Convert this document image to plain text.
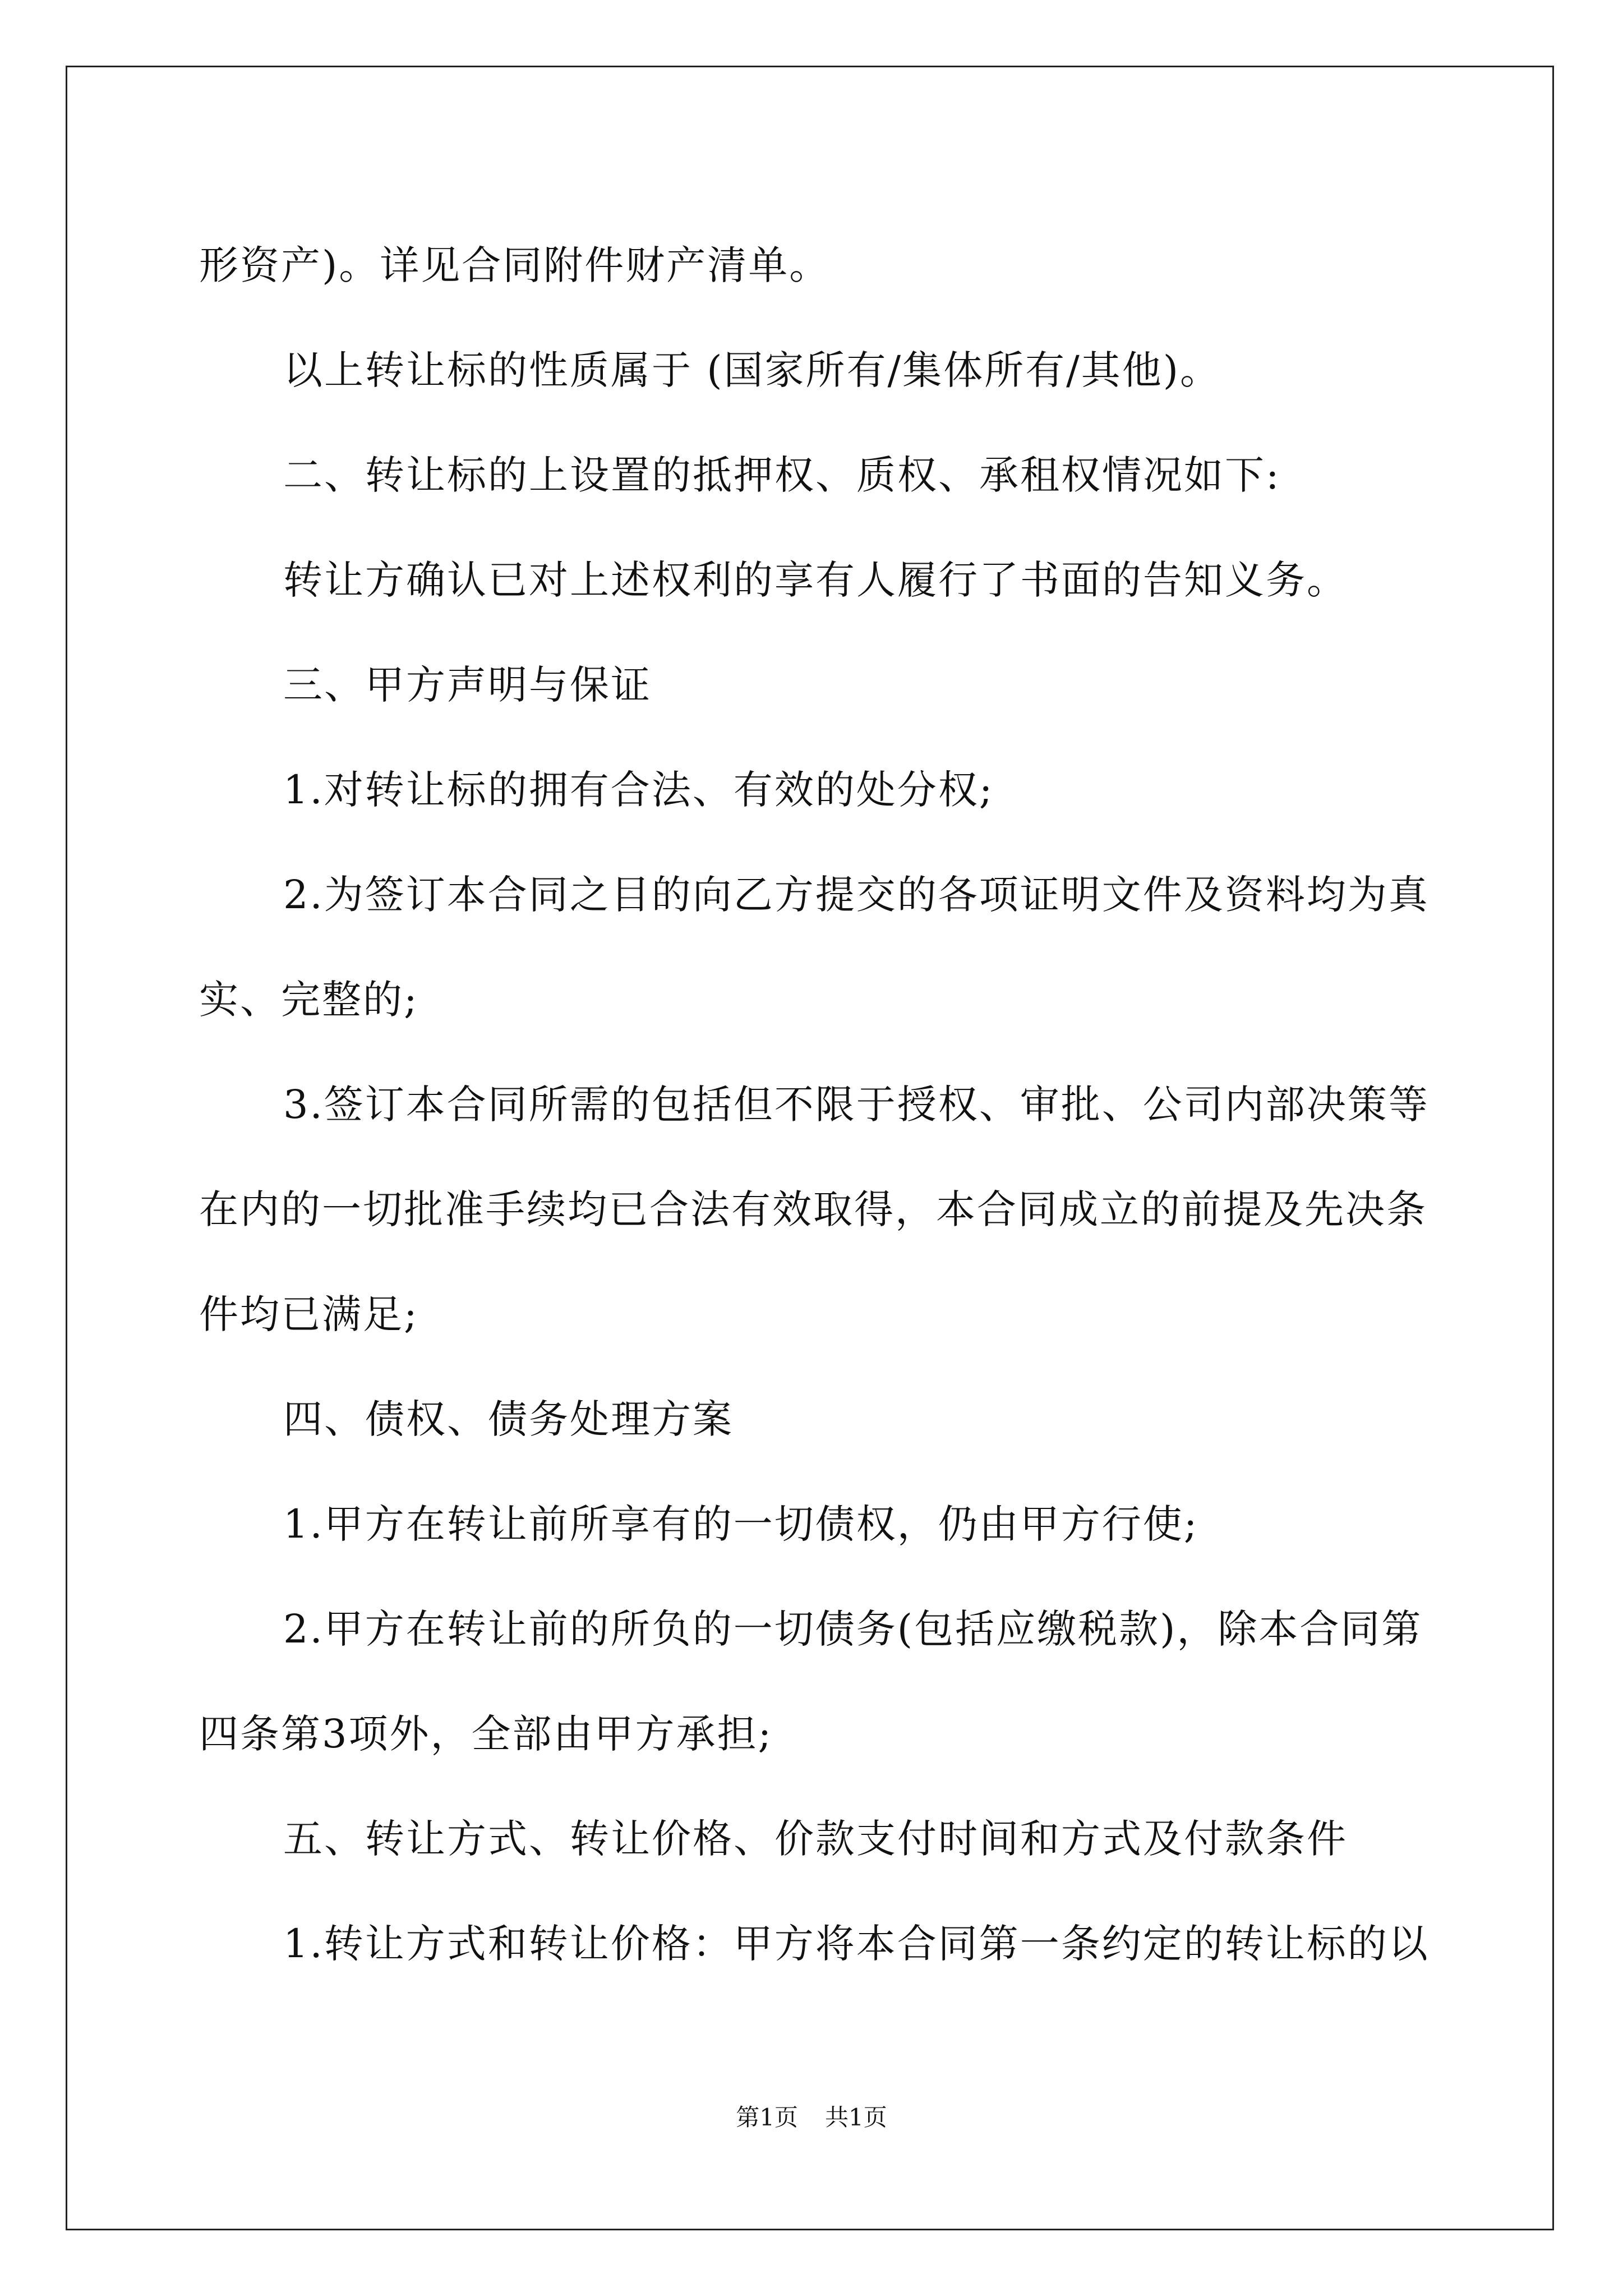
形资产)。详见合同附件财产清单。
以上转让标的性质属于 (国家所有/集体所有/其他)。
二、转让标的上设置的抵押权、质权、承租权情况如下:
转让方确认已对上述权利的享有人履行了书面的告知义务。
三、甲方声明与保证
1.对转让标的拥有合法、有效的处分权;
2.为签订本合同之目的向乙方提交的各项证明文件及资料均为真
实、完整的;
3.签订本合同所需的包括但不限于授权、审批、公司内部决策等
在内的一切批准手续均已合法有效取得，本合同成立的前提及先决条
件均已满足;
四、债权、债务处理方案
1.甲方在转让前所享有的一切债权，仍由甲方行使;
2.甲方在转让前的所负的一切债务(包括应缴税款)，除本合同第
四条第3项外，全部由甲方承担;
五、转让方式、转让价格、价款支付时间和方式及付款条件
1.转让方式和转让价格：甲方将本合同第一条约定的转让标的以
第1页 共1页
